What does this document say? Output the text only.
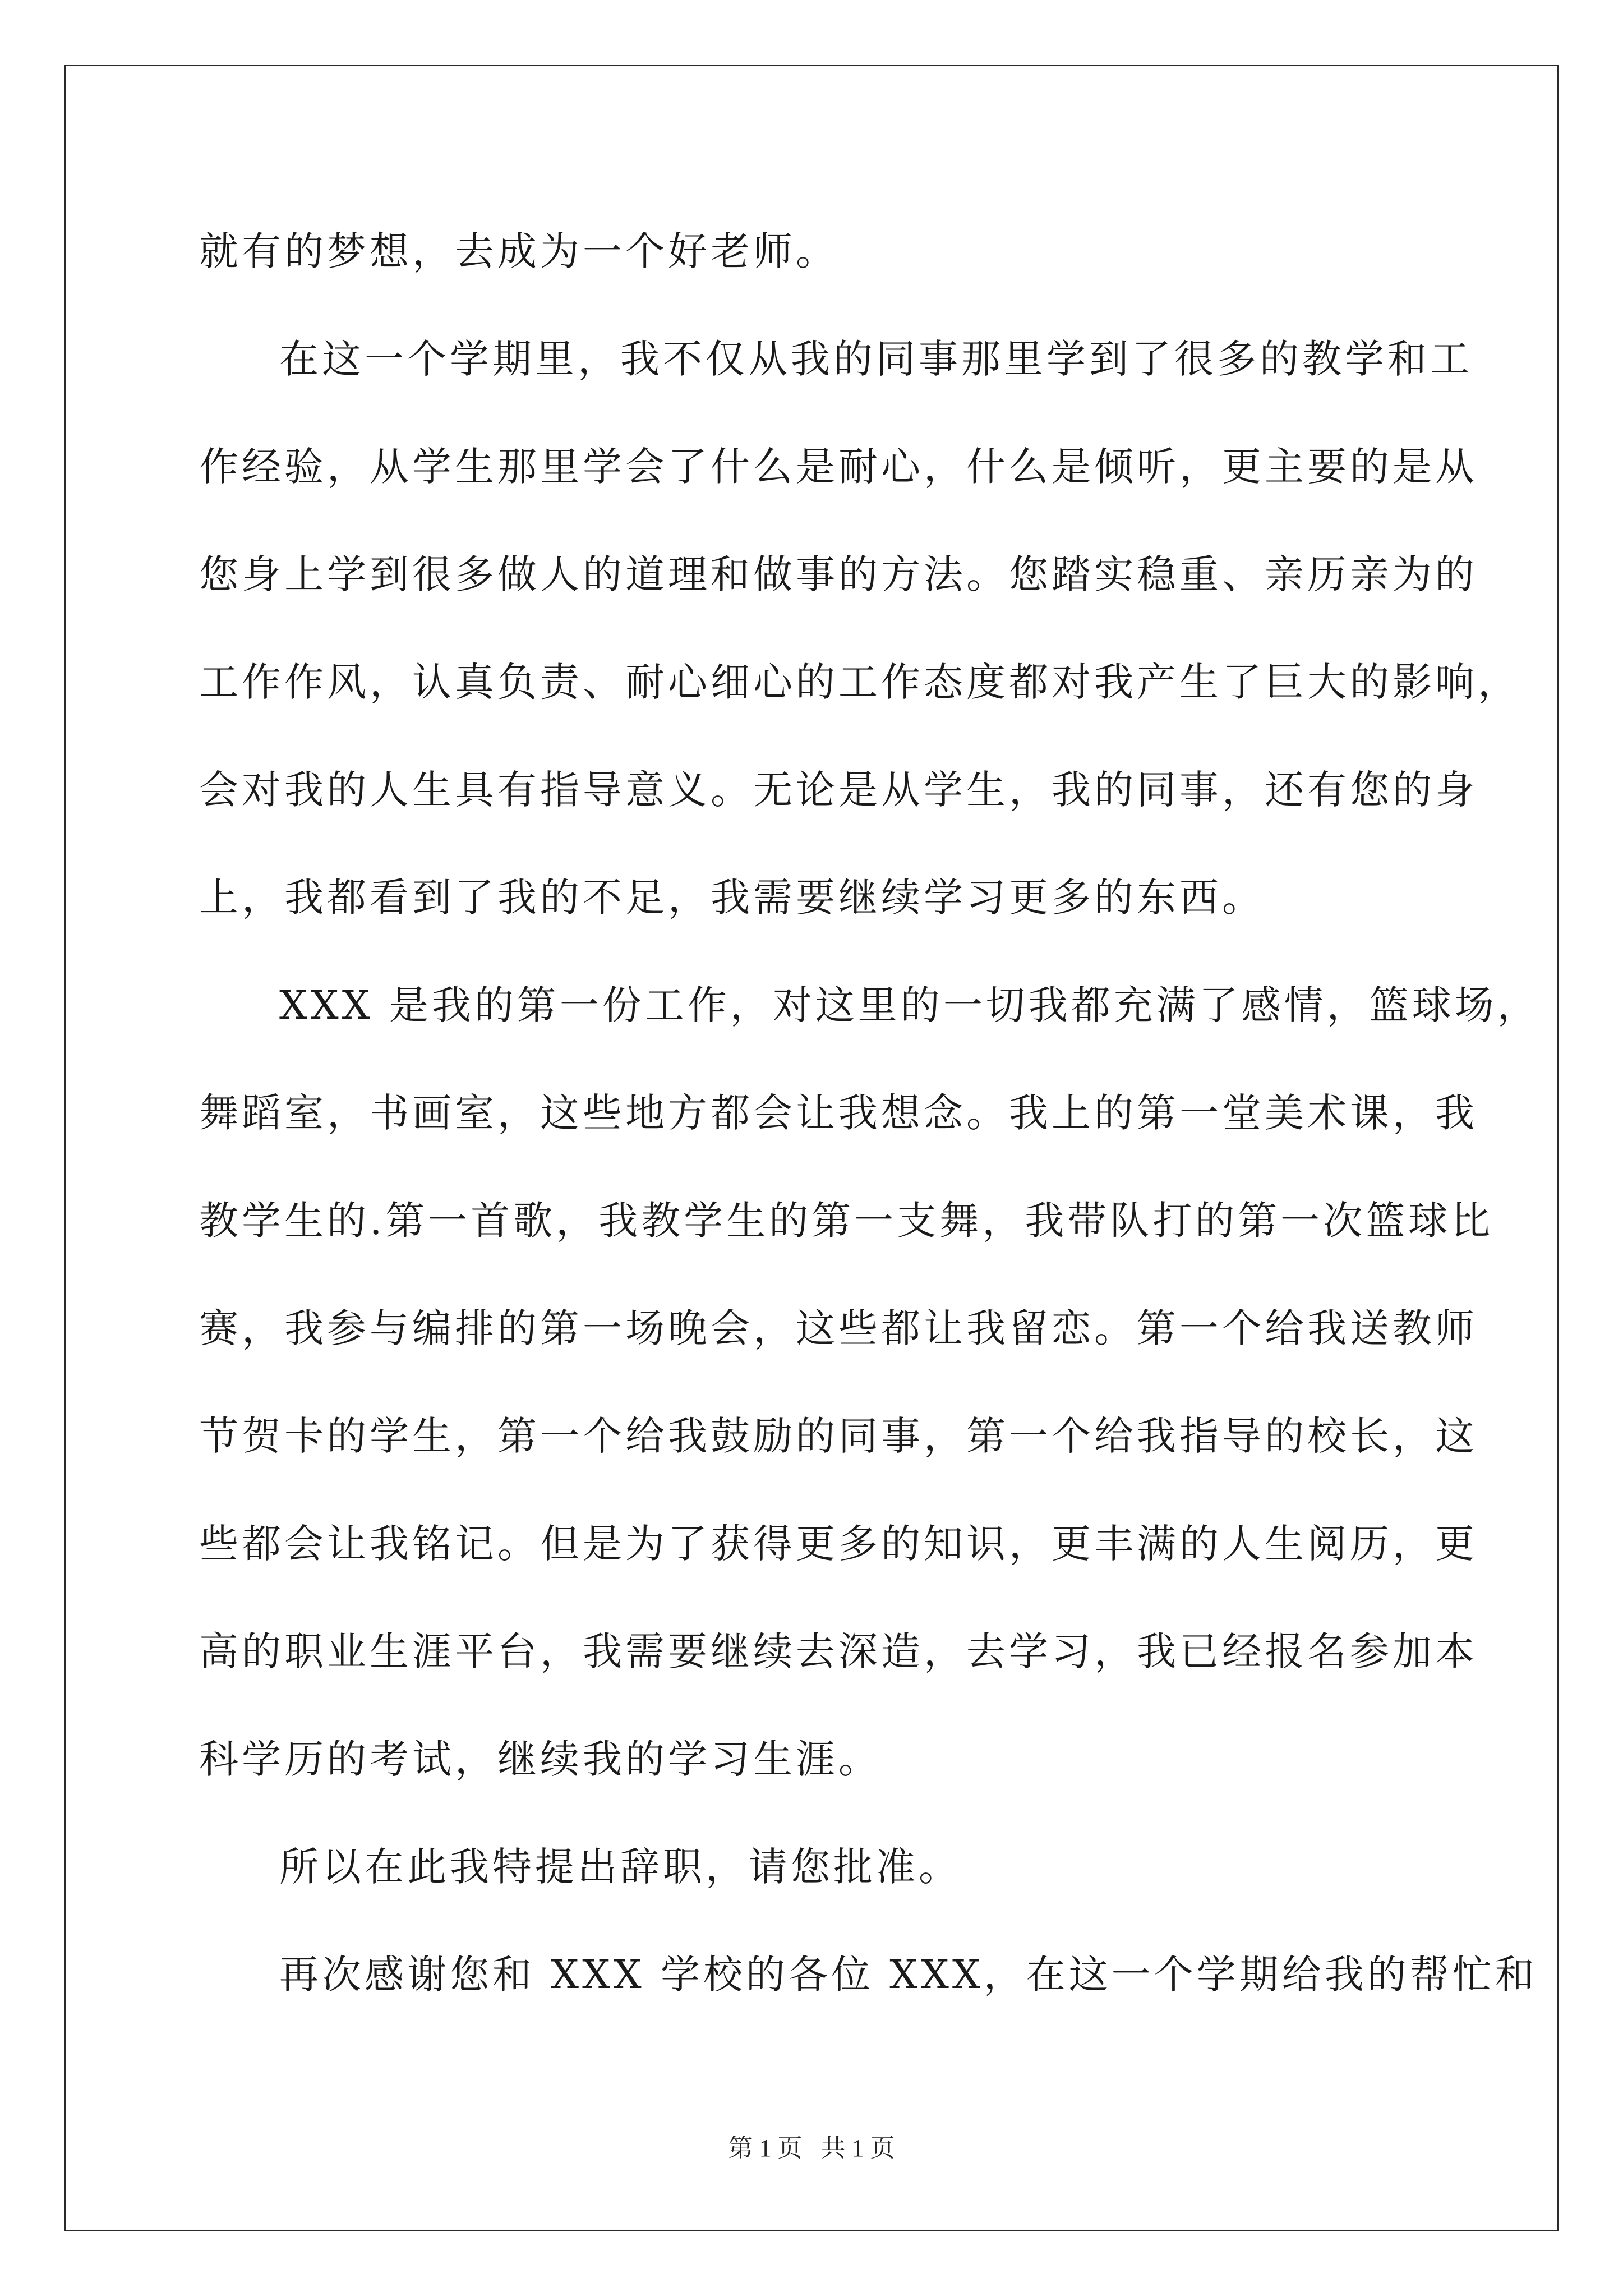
就有的梦想，去成为一个好老师。
在这一个学期里，我不仅从我的同事那里学到了很多的教学和工
作经验，从学生那里学会了什么是耐心，什么是倾听，更主要的是从
您身上学到很多做人的道理和做事的方法。您踏实稳重、亲历亲为的
工作作风，认真负责、耐心细心的工作态度都对我产生了巨大的影响，
会对我的人生具有指导意义。无论是从学生，我的同事，还有您的身
上，我都看到了我的不足，我需要继续学习更多的东西。
XXX 是我的第一份工作，对这里的一切我都充满了感情，篮球场，
舞蹈室，书画室，这些地方都会让我想念。我上的第一堂美术课，我
教学生的.第一首歌，我教学生的第一支舞，我带队打的第一次篮球比
赛，我参与编排的第一场晚会，这些都让我留恋。第一个给我送教师
节贺卡的学生，第一个给我鼓励的同事，第一个给我指导的校长，这
些都会让我铭记。但是为了获得更多的知识，更丰满的人生阅历，更
高的职业生涯平台，我需要继续去深造，去学习，我已经报名参加本
科学历的考试，继续我的学习生涯。
所以在此我特提出辞职，请您批准。
再次感谢您和 XXX 学校的各位 XXX，在这一个学期给我的帮忙和
第 1 页   共 1 页
